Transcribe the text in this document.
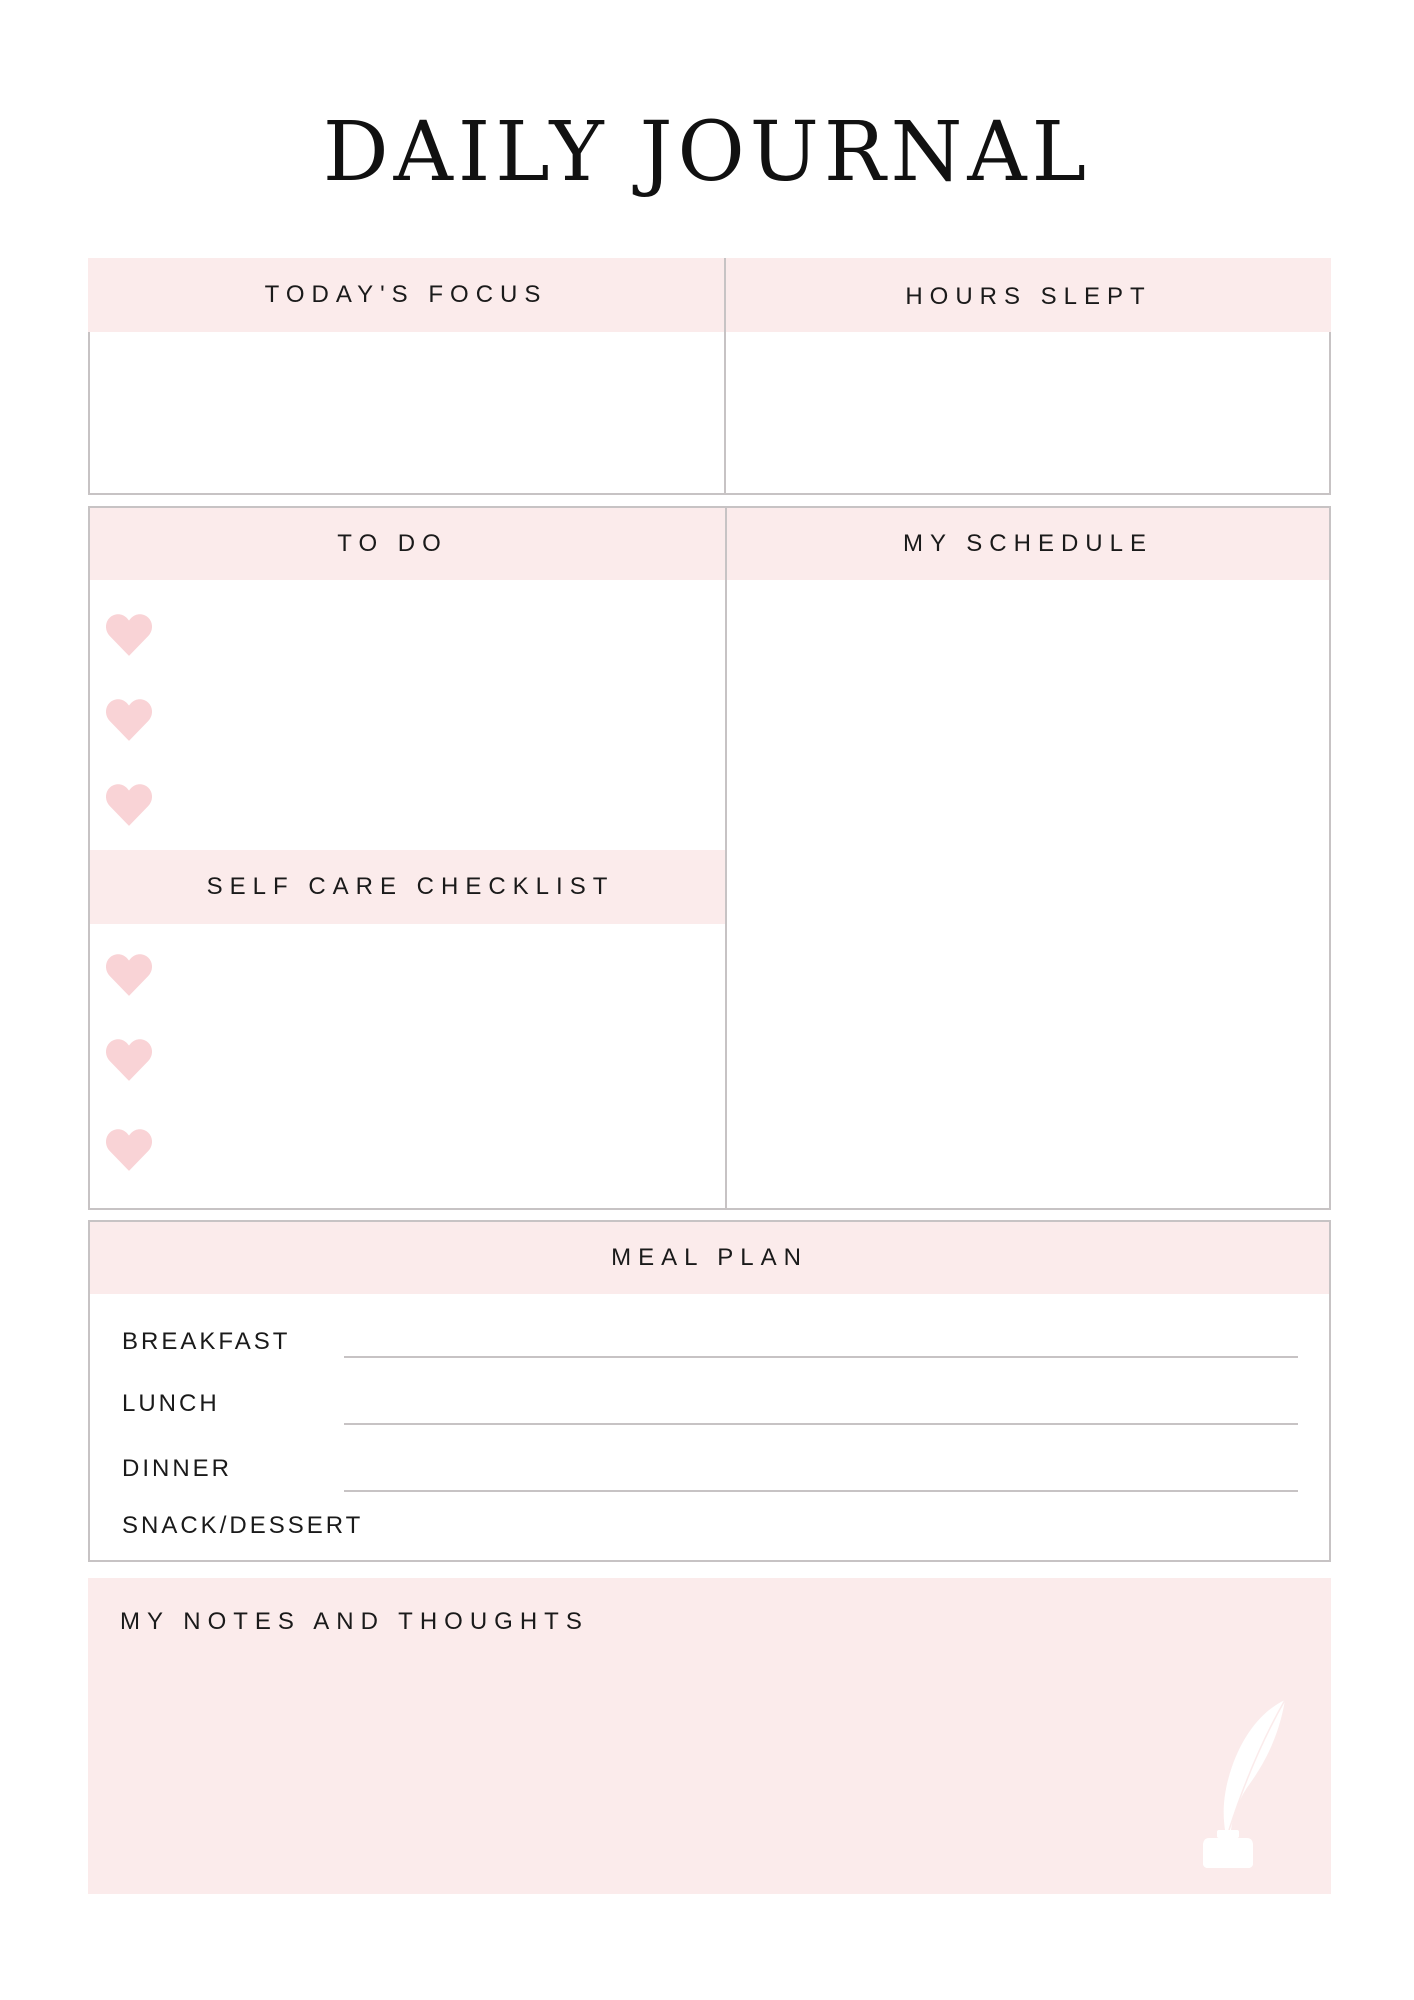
DAILY JOURNAL
TODAY'S FOCUS	HOURS SLEPT
TO DO	MY SCHEDULE
SELF CARE CHECKLIST
MEAL PLAN
BREAKFAST
LUNCH
DINNER
SNACK/DESSERT
MY NOTES AND THOUGHTS
